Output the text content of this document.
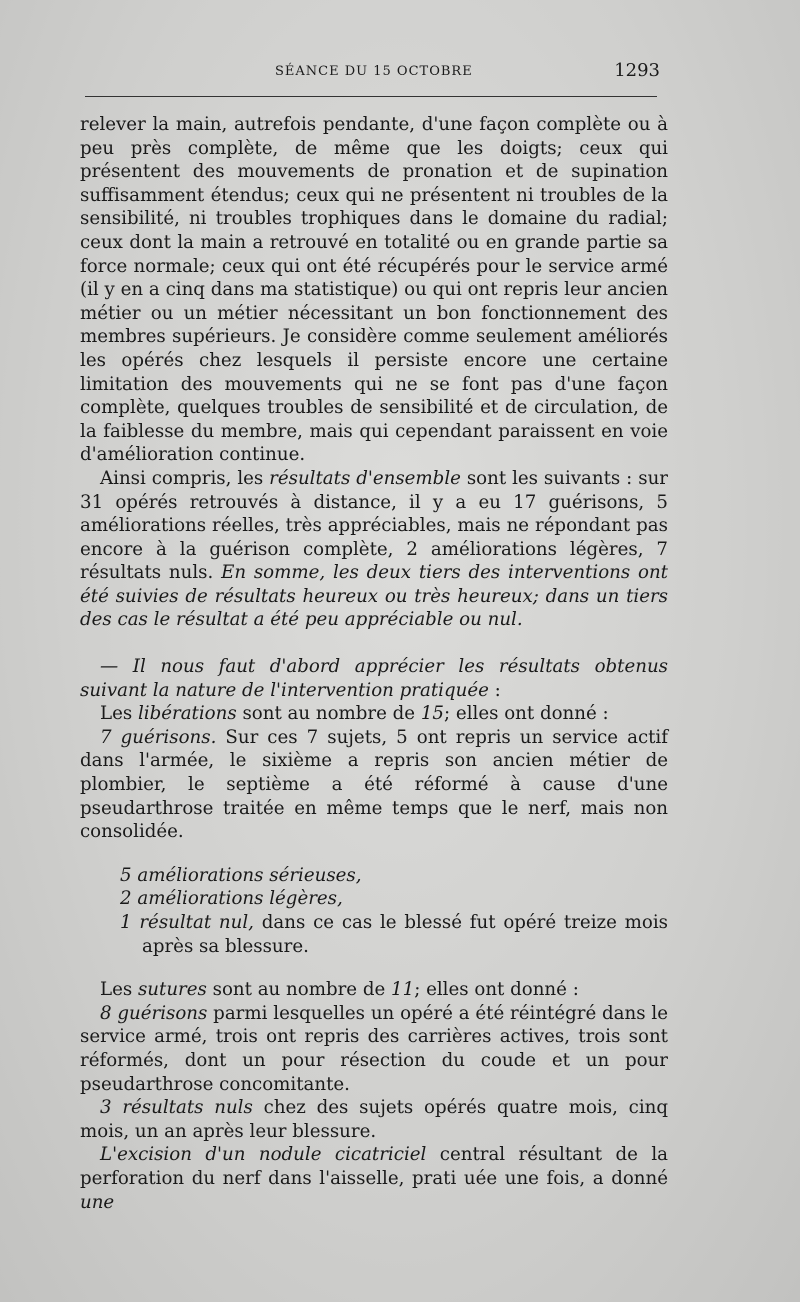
SÉANCE DU 15 OCTOBRE	1293

relever la main, autrefois pendante, d'une façon complète ou à peu près complète, de même que les doigts; ceux qui présentent des mouvements de pronation et de supination suffisamment étendus; ceux qui ne présentent ni troubles de la sensibilité, ni troubles trophiques dans le domaine du radial; ceux dont la main a retrouvé en totalité ou en grande partie sa force normale; ceux qui ont été récupérés pour le service armé (il y en a cinq dans ma statistique) ou qui ont repris leur ancien métier ou un métier nécessitant un bon fonctionnement des membres supérieurs. Je considère comme seulement améliorés les opérés chez lesquels il persiste encore une certaine limitation des mouvements qui ne se font pas d'une façon complète, quelques troubles de sensibilité et de circulation, de la faiblesse du membre, mais qui cependant paraissent en voie d'amélioration continue.

Ainsi compris, les résultats d'ensemble sont les suivants : sur 31 opérés retrouvés à distance, il y a eu 17 guérisons, 5 améliorations réelles, très appréciables, mais ne répondant pas encore à la guérison complète, 2 améliorations légères, 7 résultats nuls. En somme, les deux tiers des interventions ont été suivies de résultats heureux ou très heureux; dans un tiers des cas le résultat a été peu appréciable ou nul.

— Il nous faut d'abord apprécier les résultats obtenus suivant la nature de l'intervention pratiquée :

Les libérations sont au nombre de 15; elles ont donné :

7 guérisons. Sur ces 7 sujets, 5 ont repris un service actif dans l'armée, le sixième a repris son ancien métier de plombier, le septième a été réformé à cause d'une pseudarthrose traitée en même temps que le nerf, mais non consolidée.

5 améliorations sérieuses,

2 améliorations légères,

1 résultat nul, dans ce cas le blessé fut opéré treize mois après sa blessure.

Les sutures sont au nombre de 11; elles ont donné :

8 guérisons parmi lesquelles un opéré a été réintégré dans le service armé, trois ont repris des carrières actives, trois sont réformés, dont un pour résection du coude et un pour pseudarthrose concomitante.

3 résultats nuls chez des sujets opérés quatre mois, cinq mois, un an après leur blessure.

L'excision d'un nodule cicatriciel central résultant de la perforation du nerf dans l'aisselle, prati uée une fois, a donné une
